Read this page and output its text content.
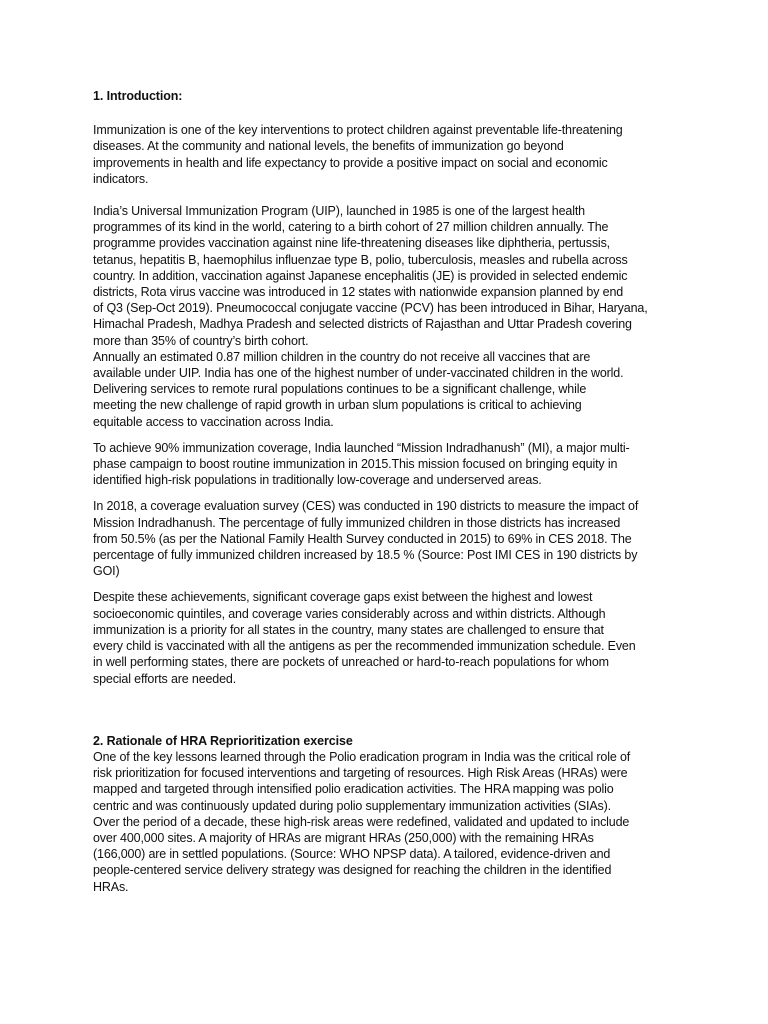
1. Introduction:

Immunization is one of the key interventions to protect children against preventable life-threatening
diseases. At the community and national levels, the benefits of immunization go beyond
improvements in health and life expectancy to provide a positive impact on social and economic
indicators.
India’s Universal Immunization Program (UIP), launched in 1985 is one of the largest health
programmes of its kind in the world, catering to a birth cohort of 27 million children annually. The
programme provides vaccination against nine life-threatening diseases like diphtheria, pertussis,
tetanus, hepatitis B, haemophilus influenzae type B, polio, tuberculosis, measles and rubella across
country. In addition, vaccination against Japanese encephalitis (JE) is provided in selected endemic
districts, Rota virus vaccine was introduced in 12 states with nationwide expansion planned by end
of Q3 (Sep-Oct 2019). Pneumococcal conjugate vaccine (PCV) has been introduced in Bihar, Haryana,
Himachal Pradesh, Madhya Pradesh and selected districts of Rajasthan and Uttar Pradesh covering
more than 35% of country’s birth cohort.
Annually an estimated 0.87 million children in the country do not receive all vaccines that are
available under UIP. India has one of the highest number of under-vaccinated children in the world.
Delivering services to remote rural populations continues to be a significant challenge, while
meeting the new challenge of rapid growth in urban slum populations is critical to achieving
equitable access to vaccination across India.
To achieve 90% immunization coverage, India launched “Mission Indradhanush” (MI), a major multi-
phase campaign to boost routine immunization in 2015.This mission focused on bringing equity in
identified high-risk populations in traditionally low-coverage and underserved areas.
In 2018, a coverage evaluation survey (CES) was conducted in 190 districts to measure the impact of
Mission Indradhanush. The percentage of fully immunized children in those districts has increased
from 50.5% (as per the National Family Health Survey conducted in 2015) to 69% in CES 2018. The
percentage of fully immunized children increased by 18.5 % (Source: Post IMI CES in 190 districts by
GOI)
Despite these achievements, significant coverage gaps exist between the highest and lowest
socioeconomic quintiles, and coverage varies considerably across and within districts. Although
immunization is a priority for all states in the country, many states are challenged to ensure that
every child is vaccinated with all the antigens as per the recommended immunization schedule. Even
in well performing states, there are pockets of unreached or hard-to-reach populations for whom
special efforts are needed.

2. Rationale of HRA Reprioritization exercise

One of the key lessons learned through the Polio eradication program in India was the critical role of
risk prioritization for focused interventions and targeting of resources. High Risk Areas (HRAs) were
mapped and targeted through intensified polio eradication activities. The HRA mapping was polio
centric and was continuously updated during polio supplementary immunization activities (SIAs).
Over the period of a decade, these high-risk areas were redefined, validated and updated to include
over 400,000 sites. A majority of HRAs are migrant HRAs (250,000) with the remaining HRAs
(166,000) are in settled populations. (Source: WHO NPSP data). A tailored, evidence-driven and
people-centered service delivery strategy was designed for reaching the children in the identified
HRAs.
